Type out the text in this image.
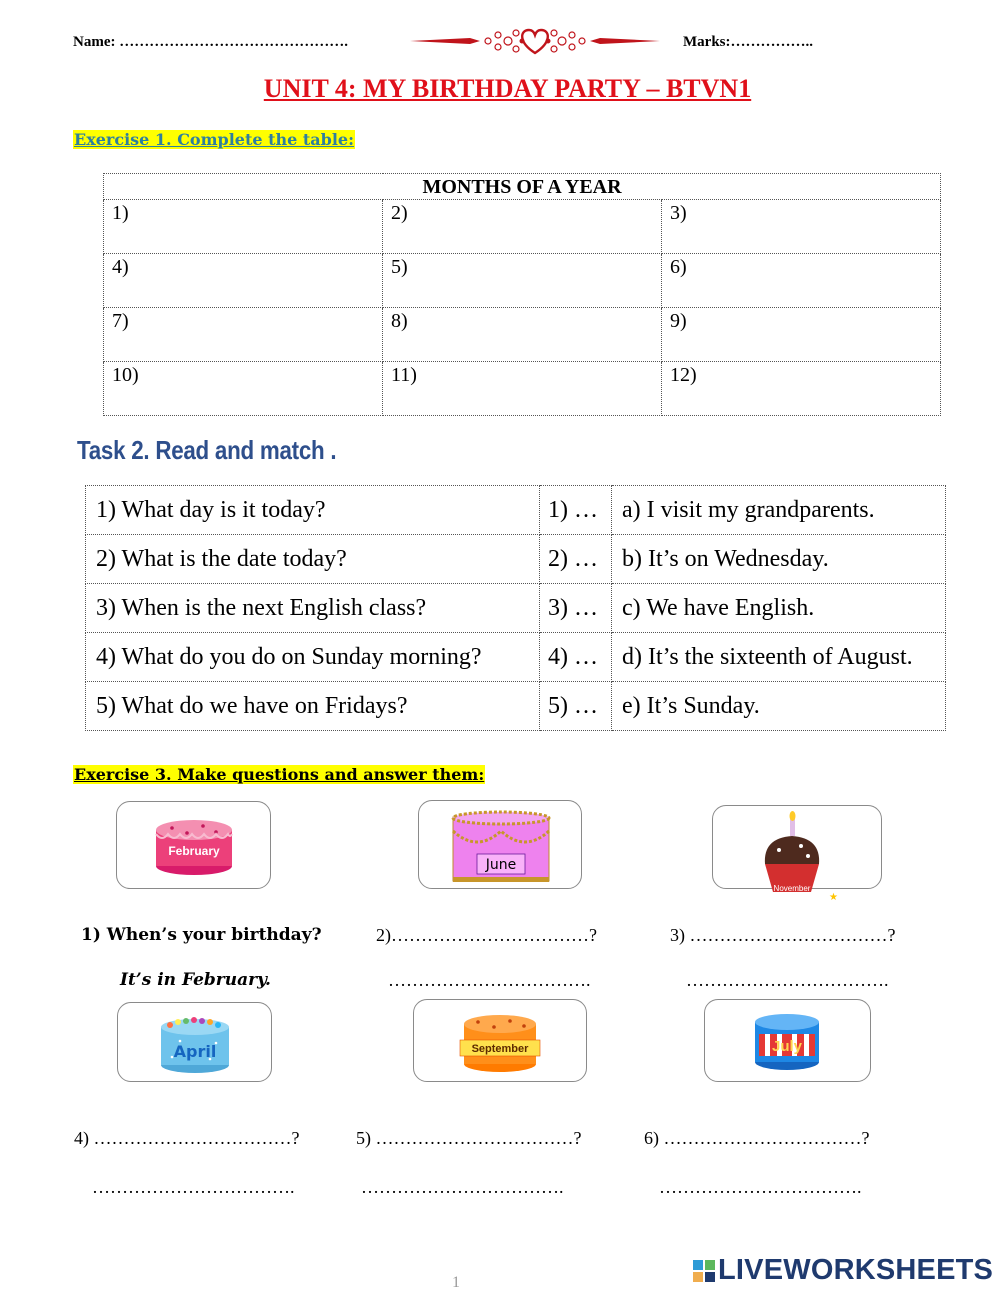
Name: ……………………………………….	Marks:……………..
UNIT 4: MY BIRTHDAY PARTY – BTVN1
Exercise 1. Complete the table:
MONTHS OF A YEAR		
1)	2)	3)
4)	5)	6)
7)	8)	9)
10)	11)	12)
Task 2. Read and match .
1) What day is it today?	1) …	a) I visit my grandparents.
2) What is the date today?	2) …	b) It’s on Wednesday.
3) When is the next English class?	3) …	c) We have English.
4) What do you do on Sunday morning?	4) …	d) It’s the sixteenth of August.
5) What do we have on Fridays?	5) …	e) It’s Sunday.
Exercise 3. Make questions and answer them:
February
June
November
★
1) When’s your birthday?	2)……………………………?	3) ……………………………?
It’s in February.	…………………………….	…………………………….
April	September	July
4) ……………………………?	5) ……………………………?	6) ……………………………?
…………………………….	…………………………….	…………………………….
1	LIVEWORKSHEETS
